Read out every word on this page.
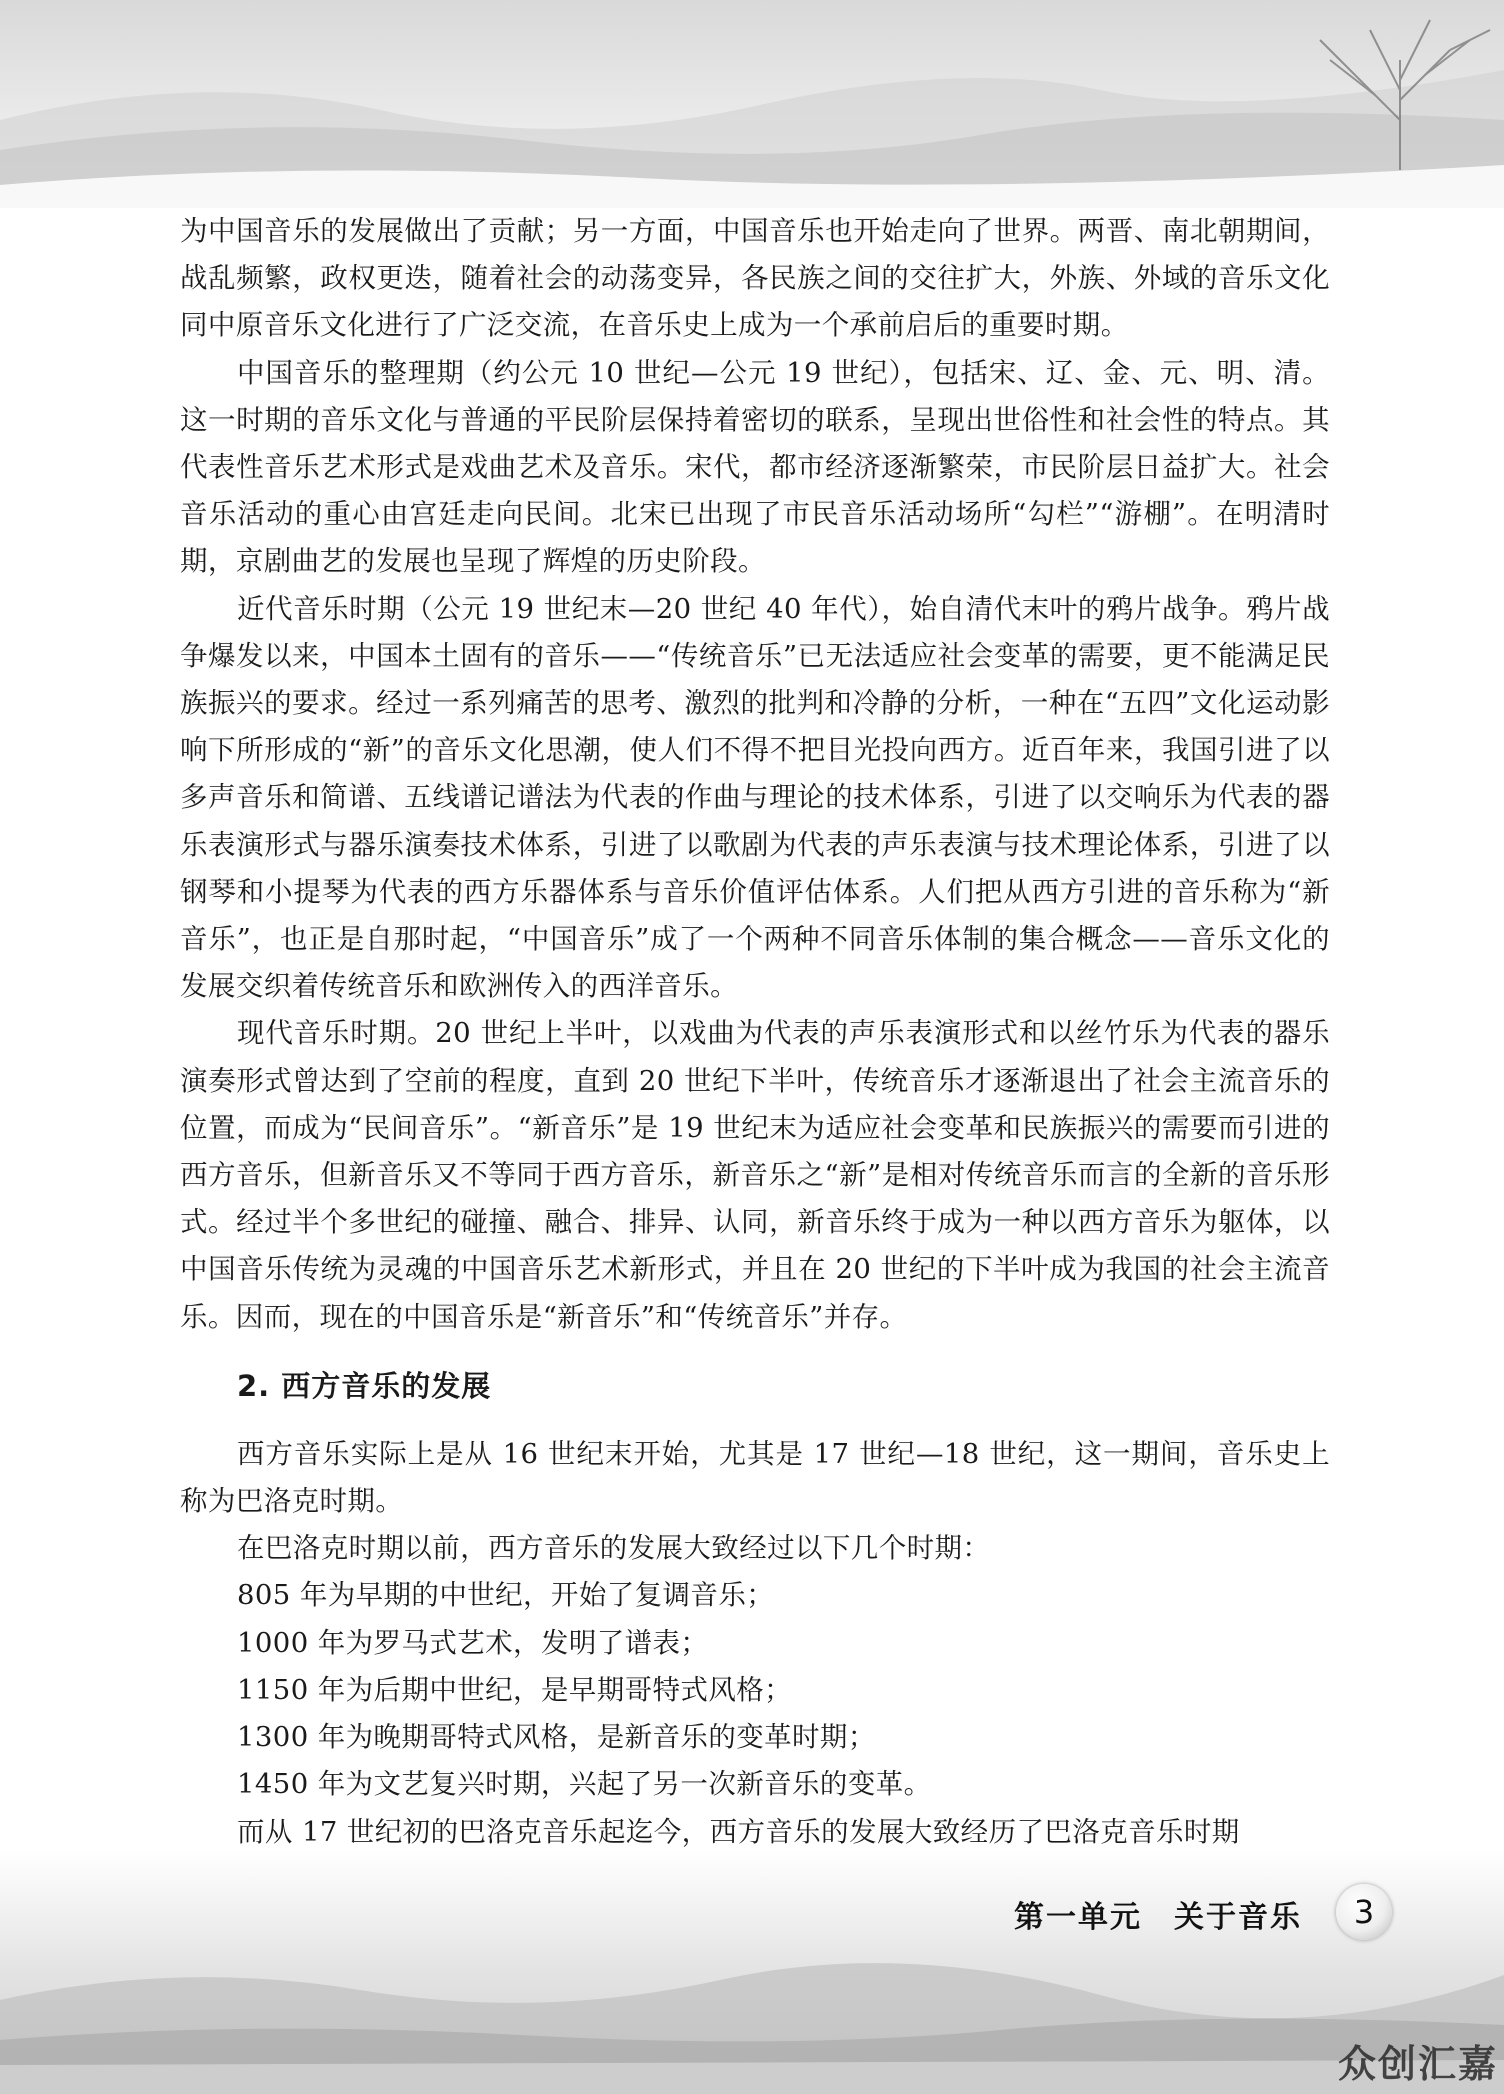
为中国音乐的发展做出了贡献；另一方面，中国音乐也开始走向了世界。两晋、南北朝期间，战乱频繁，政权更迭，随着社会的动荡变异，各民族之间的交往扩大，外族、外域的音乐文化同中原音乐文化进行了广泛交流，在音乐史上成为一个承前启后的重要时期。

中国音乐的整理期（约公元 10 世纪—公元 19 世纪），包括宋、辽、金、元、明、清。这一时期的音乐文化与普通的平民阶层保持着密切的联系，呈现出世俗性和社会性的特点。其代表性音乐艺术形式是戏曲艺术及音乐。宋代，都市经济逐渐繁荣，市民阶层日益扩大。社会音乐活动的重心由宫廷走向民间。北宋已出现了市民音乐活动场所“勾栏”“游棚”。在明清时期，京剧曲艺的发展也呈现了辉煌的历史阶段。

近代音乐时期（公元 19 世纪末—20 世纪 40 年代），始自清代末叶的鸦片战争。鸦片战争爆发以来，中国本土固有的音乐——“传统音乐”已无法适应社会变革的需要，更不能满足民族振兴的要求。经过一系列痛苦的思考、激烈的批判和冷静的分析，一种在“五四”文化运动影响下所形成的“新”的音乐文化思潮，使人们不得不把目光投向西方。近百年来，我国引进了以多声音乐和简谱、五线谱记谱法为代表的作曲与理论的技术体系，引进了以交响乐为代表的器乐表演形式与器乐演奏技术体系，引进了以歌剧为代表的声乐表演与技术理论体系，引进了以钢琴和小提琴为代表的西方乐器体系与音乐价值评估体系。人们把从西方引进的音乐称为“新音乐”，也正是自那时起，“中国音乐”成了一个两种不同音乐体制的集合概念——音乐文化的发展交织着传统音乐和欧洲传入的西洋音乐。

现代音乐时期。20 世纪上半叶，以戏曲为代表的声乐表演形式和以丝竹乐为代表的器乐演奏形式曾达到了空前的程度，直到 20 世纪下半叶，传统音乐才逐渐退出了社会主流音乐的位置，而成为“民间音乐”。“新音乐”是 19 世纪末为适应社会变革和民族振兴的需要而引进的西方音乐，但新音乐又不等同于西方音乐，新音乐之“新”是相对传统音乐而言的全新的音乐形式。经过半个多世纪的碰撞、融合、排异、认同，新音乐终于成为一种以西方音乐为躯体，以中国音乐传统为灵魂的中国音乐艺术新形式，并且在 20 世纪的下半叶成为我国的社会主流音乐。因而，现在的中国音乐是“新音乐”和“传统音乐”并存。

2. 西方音乐的发展

西方音乐实际上是从 16 世纪末开始，尤其是 17 世纪—18 世纪，这一期间，音乐史上称为巴洛克时期。

在巴洛克时期以前，西方音乐的发展大致经过以下几个时期：

805 年为早期的中世纪，开始了复调音乐；

1000 年为罗马式艺术，发明了谱表；

1150 年为后期中世纪，是早期哥特式风格；

1300 年为晚期哥特式风格，是新音乐的变革时期；

1450 年为文艺复兴时期，兴起了另一次新音乐的变革。

而从 17 世纪初的巴洛克音乐起迄今，西方音乐的发展大致经历了巴洛克音乐时期

第一单元　关于音乐	3
众创汇嘉
